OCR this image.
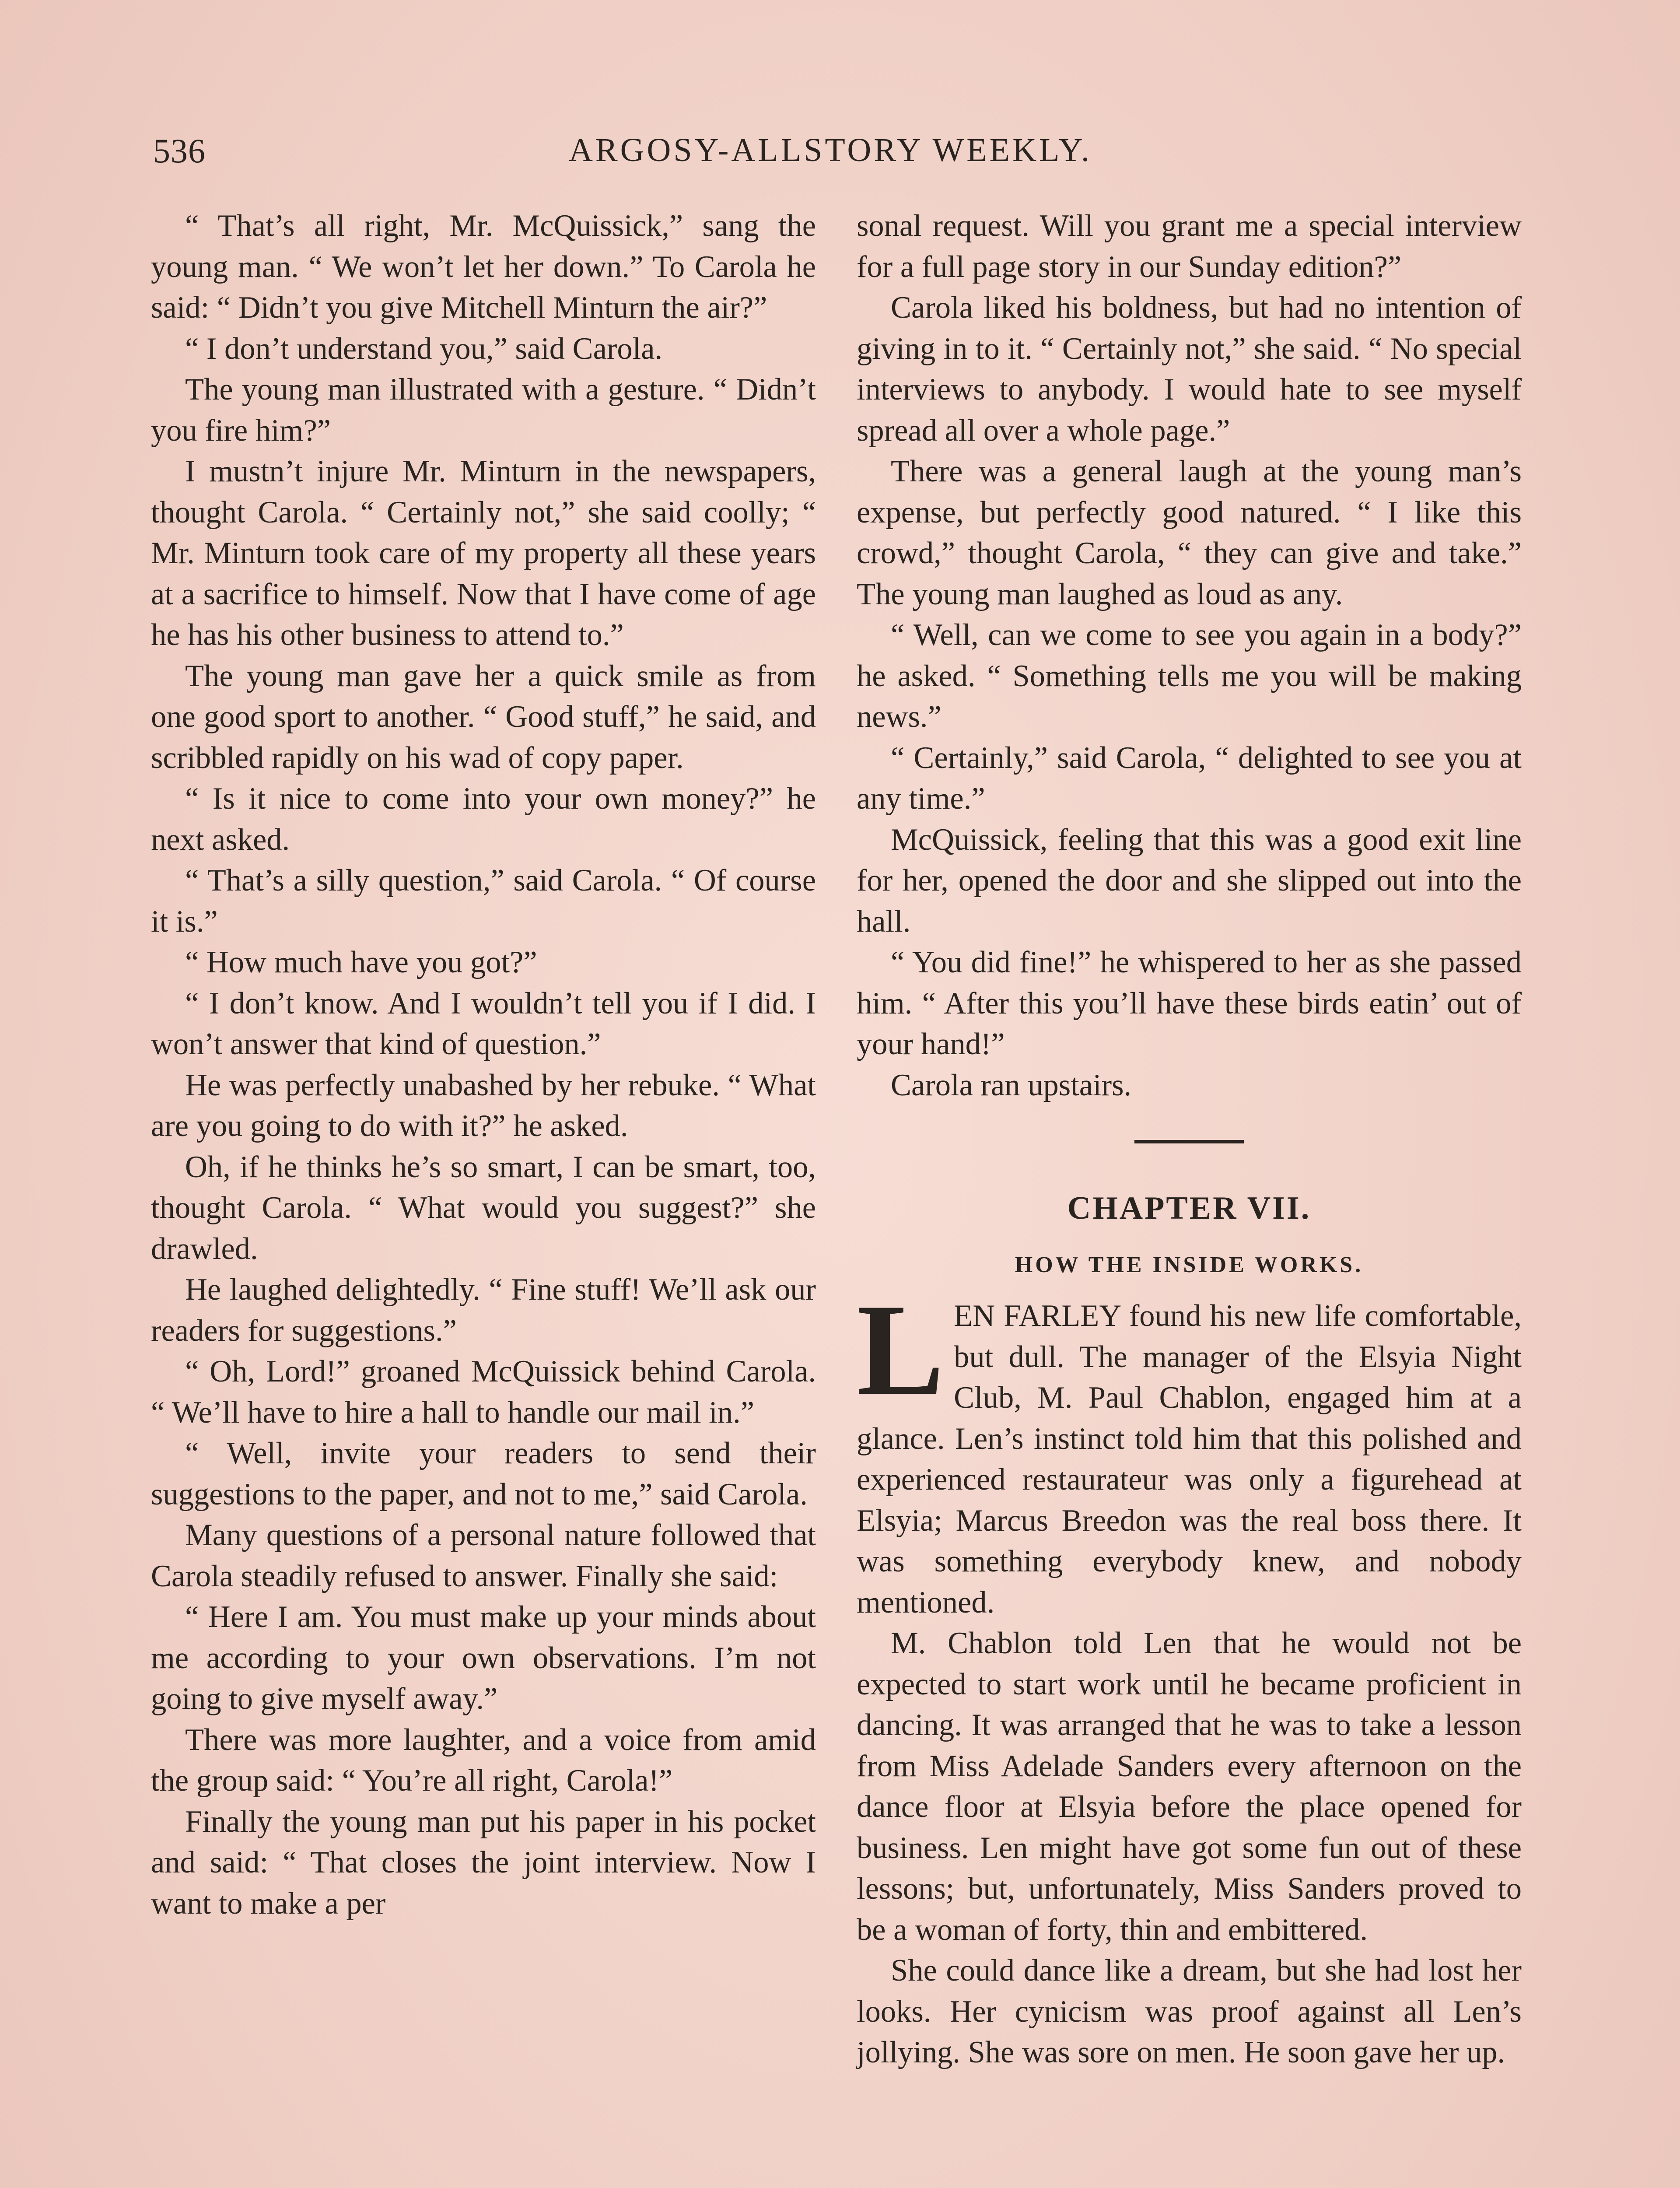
536	ARGOSY-ALLSTORY WEEKLY.

“ That’s all right, Mr. McQuissick,” sang the young man. “ We won’t let her down.” To Carola he said: “ Didn’t you give Mitchell Minturn the air?”

“ I don’t understand you,” said Carola.

The young man illustrated with a gesture. “ Didn’t you fire him?”

I mustn’t injure Mr. Minturn in the newspapers, thought Carola. “ Certainly not,” she said coolly; “ Mr. Minturn took care of my property all these years at a sacrifice to himself. Now that I have come of age he has his other business to attend to.”

The young man gave her a quick smile as from one good sport to another. “ Good stuff,” he said, and scribbled rapidly on his wad of copy paper.

“ Is it nice to come into your own money?” he next asked.

“ That’s a silly question,” said Carola. “ Of course it is.”

“ How much have you got?”

“ I don’t know. And I wouldn’t tell you if I did. I won’t answer that kind of question.”

He was perfectly unabashed by her rebuke. “ What are you going to do with it?” he asked.

Oh, if he thinks he’s so smart, I can be smart, too, thought Carola. “ What would you suggest?” she drawled.

He laughed delightedly. “ Fine stuff! We’ll ask our readers for suggestions.”

“ Oh, Lord!” groaned McQuissick behind Carola. “ We’ll have to hire a hall to handle our mail in.”

“ Well, invite your readers to send their suggestions to the paper, and not to me,” said Carola.

Many questions of a personal nature followed that Carola steadily refused to answer. Finally she said:

“ Here I am. You must make up your minds about me according to your own observations. I’m not going to give myself away.”

There was more laughter, and a voice from amid the group said: “ You’re all right, Carola!”

Finally the young man put his paper in his pocket and said: “ That closes the joint interview. Now I want to make a per

sonal request. Will you grant me a special interview for a full page story in our Sunday edition?”

Carola liked his boldness, but had no intention of giving in to it. “ Certainly not,” she said. “ No special interviews to anybody. I would hate to see myself spread all over a whole page.”

There was a general laugh at the young man’s expense, but perfectly good natured. “ I like this crowd,” thought Carola, “ they can give and take.” The young man laughed as loud as any.

“ Well, can we come to see you again in a body?” he asked. “ Something tells me you will be making news.”

“ Certainly,” said Carola, “ delighted to see you at any time.”

McQuissick, feeling that this was a good exit line for her, opened the door and she slipped out into the hall.

“ You did fine!” he whispered to her as she passed him. “ After this you’ll have these birds eatin’ out of your hand!”

Carola ran upstairs.

CHAPTER VII.
HOW THE INSIDE WORKS.

LEN FARLEY found his new life comfortable, but dull. The manager of the Elsyia Night Club, M. Paul Chablon, engaged him at a glance. Len’s instinct told him that this polished and experienced restaurateur was only a figurehead at Elsyia; Marcus Breedon was the real boss there. It was something everybody knew, and nobody mentioned.

M. Chablon told Len that he would not be expected to start work until he became proficient in dancing. It was arranged that he was to take a lesson from Miss Adelade Sanders every afternoon on the dance floor at Elsyia before the place opened for business. Len might have got some fun out of these lessons; but, unfortunately, Miss Sanders proved to be a woman of forty, thin and embittered.

She could dance like a dream, but she had lost her looks. Her cynicism was proof against all Len’s jollying. She was sore on men. He soon gave her up.
